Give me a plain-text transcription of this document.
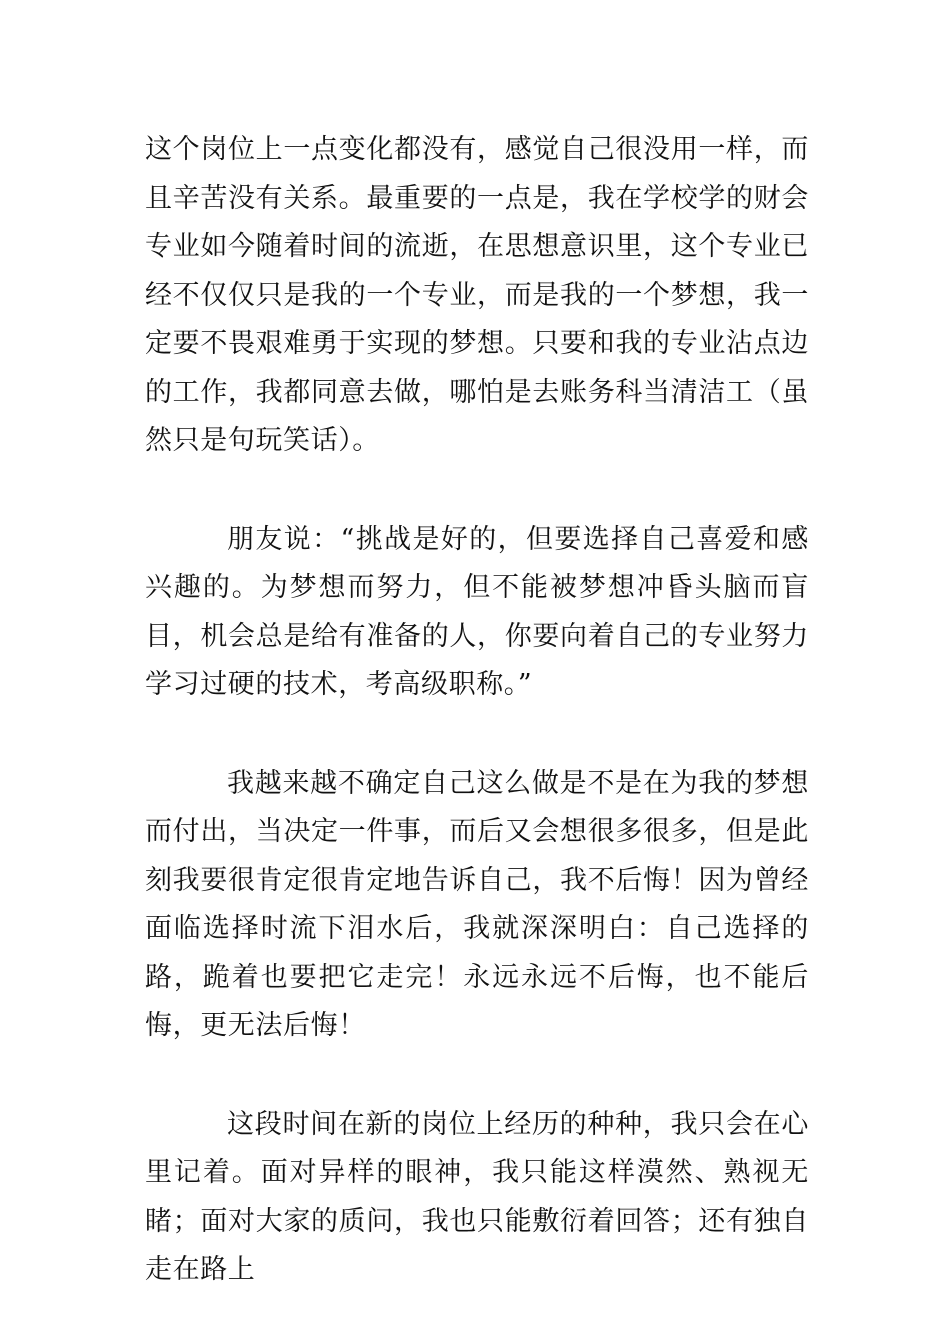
这个岗位上一点变化都没有，感觉自己很没用一样，而且辛苦没有关系。最重要的一点是，我在学校学的财会专业如今随着时间的流逝，在思想意识里，这个专业已经不仅仅只是我的一个专业，而是我的一个梦想，我一定要不畏艰难勇于实现的梦想。只要和我的专业沾点边的工作，我都同意去做，哪怕是去账务科当清洁工（虽然只是句玩笑话）。

朋友说：“挑战是好的，但要选择自己喜爱和感兴趣的。为梦想而努力，但不能被梦想冲昏头脑而盲目，机会总是给有准备的人，你要向着自己的专业努力学习过硬的技术，考高级职称。”

我越来越不确定自己这么做是不是在为我的梦想而付出，当决定一件事，而后又会想很多很多，但是此刻我要很肯定很肯定地告诉自己，我不后悔！因为曾经面临选择时流下泪水后，我就深深明白：自己选择的路，跪着也要把它走完！永远永远不后悔，也不能后悔，更无法后悔！

这段时间在新的岗位上经历的种种，我只会在心里记着。面对异样的眼神，我只能这样漠然、熟视无睹；面对大家的质问，我也只能敷衍着回答；还有独自走在路上
